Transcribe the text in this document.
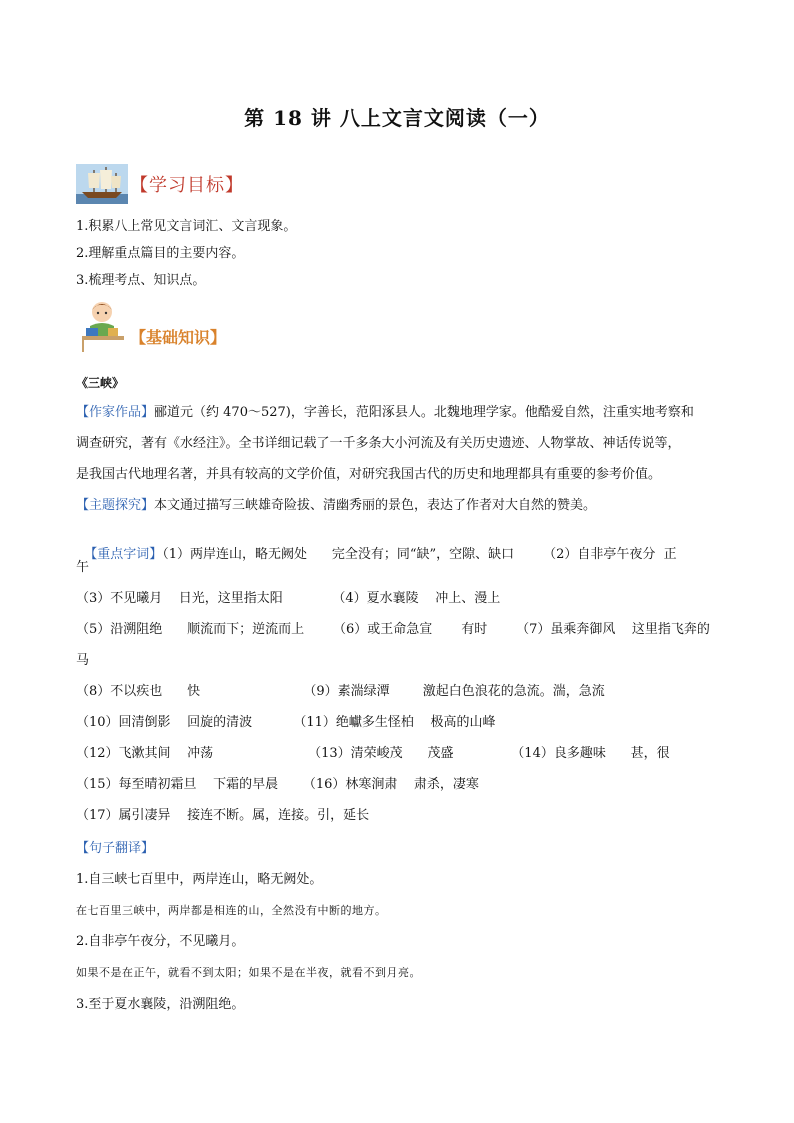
第 18 讲 八上文言文阅读（一）
【学习目标】
1.积累八上常见文言词汇、文言现象。
2.理解重点篇目的主要内容。
3.梳理考点、知识点。
【基础知识】
《三峡》
【作家作品】郦道元（约 470～527)，字善长，范阳涿县人。北魏地理学家。他酷爱自然，注重实地考察和
调查研究，著有《水经注》。全书详细记载了一千多条大小河流及有关历史遗迹、人物掌故、神话传说等，
是我国古代地理名著，并具有较高的文学价值，对研究我国古代的历史和地理都具有重要的参考价值。
【主题探究】本文通过描写三峡雄奇险拔、清幽秀丽的景色，表达了作者对大自然的赞美。

【重点字词】（1）两岸连山，略无阙处      完全没有；同“缺”，空隙、缺口       （2）自非亭午夜分  正

午
（3）不见曦月    日光，这里指太阳            （4）夏水襄陵    冲上、漫上
（5）沿溯阻绝      顺流而下；逆流而上       （6）或王命急宣       有时       （7）虽乘奔御风    这里指飞奔的
马
（8）不以疾也      快                         （9）素湍绿潭        激起白色浪花的急流。湍，急流
（10）回清倒影    回旋的清波          （11）绝巘多生怪柏    极高的山峰
（12）飞漱其间    冲荡                       （13）清荣峻茂      茂盛              （14）良多趣味      甚，很
（15）每至晴初霜旦    下霜的早晨      （16）林寒涧肃    肃杀，凄寒
（17）属引凄异    接连不断。属，连接。引，延长
【句子翻译】
1.自三峡七百里中，两岸连山，略无阙处。
在七百里三峡中，两岸都是相连的山，全然没有中断的地方。
2.自非亭午夜分，不见曦月。
如果不是在正午，就看不到太阳；如果不是在半夜，就看不到月亮。
3.至于夏水襄陵，沿溯阻绝。
